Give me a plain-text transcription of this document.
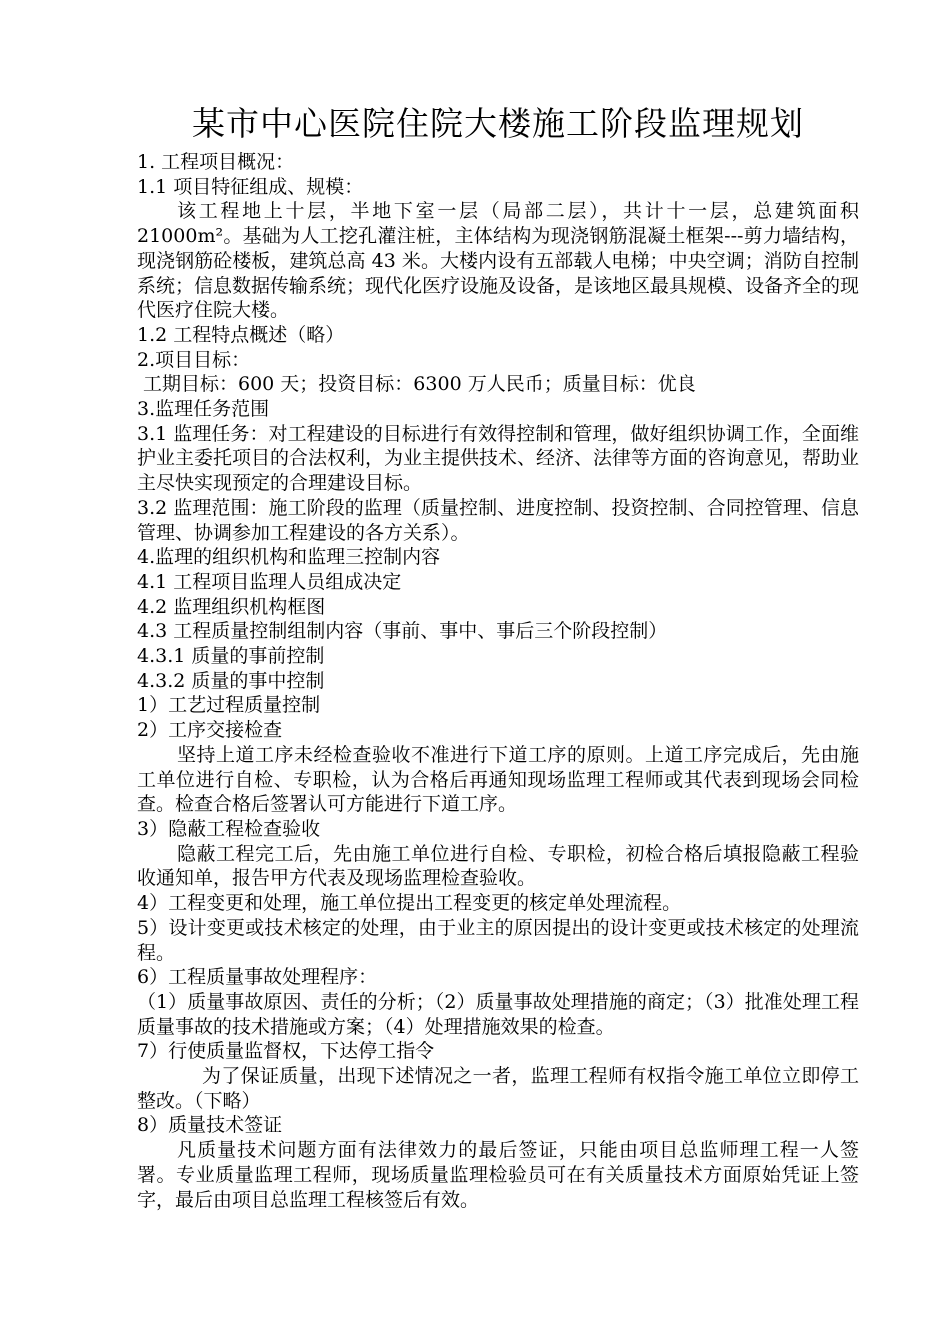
某市中心医院住院大楼施工阶段监理规划

1. 工程项目概况：

1.1 项目特征组成、规模：

该工程地上十层，半地下室一层（局部二层），共计十一层，总建筑面积 21000m²。基础为人工挖孔灌注桩，主体结构为现浇钢筋混凝土框架---剪力墙结构，现浇钢筋砼楼板，建筑总高 43 米。大楼内设有五部载人电梯；中央空调；消防自控制系统；信息数据传输系统；现代化医疗设施及设备，是该地区最具规模、设备齐全的现代医疗住院大楼。

1.2 工程特点概述（略）

2.项目目标：

工期目标：600 天；投资目标：6300 万人民币；质量目标：优良

3.监理任务范围

3.1 监理任务：对工程建设的目标进行有效得控制和管理，做好组织协调工作，全面维护业主委托项目的合法权利，为业主提供技术、经济、法律等方面的咨询意见，帮助业主尽快实现预定的合理建设目标。

3.2 监理范围：施工阶段的监理（质量控制、进度控制、投资控制、合同控管理、信息管理、协调参加工程建设的各方关系）。

4.监理的组织机构和监理三控制内容

4.1 工程项目监理人员组成决定

4.2 监理组织机构框图

4.3 工程质量控制组制内容（事前、事中、事后三个阶段控制）

4.3.1 质量的事前控制

4.3.2 质量的事中控制

1）工艺过程质量控制

2）工序交接检查

坚持上道工序未经检查验收不准进行下道工序的原则。上道工序完成后，先由施工单位进行自检、专职检，认为合格后再通知现场监理工程师或其代表到现场会同检查。检查合格后签署认可方能进行下道工序。

3）隐蔽工程检查验收

隐蔽工程完工后，先由施工单位进行自检、专职检，初检合格后填报隐蔽工程验收通知单，报告甲方代表及现场监理检查验收。

4）工程变更和处理，施工单位提出工程变更的核定单处理流程。

5）设计变更或技术核定的处理，由于业主的原因提出的设计变更或技术核定的处理流程。

6）工程质量事故处理程序：

（1）质量事故原因、责任的分析；（2）质量事故处理措施的商定；（3）批准处理工程质量事故的技术措施或方案；（4）处理措施效果的检查。

7）行使质量监督权，下达停工指令

为了保证质量，出现下述情况之一者，监理工程师有权指令施工单位立即停工整改。（下略）

8）质量技术签证

凡质量技术问题方面有法律效力的最后签证，只能由项目总监师理工程一人签署。专业质量监理工程师，现场质量监理检验员可在有关质量技术方面原始凭证上签字，最后由项目总监理工程核签后有效。
